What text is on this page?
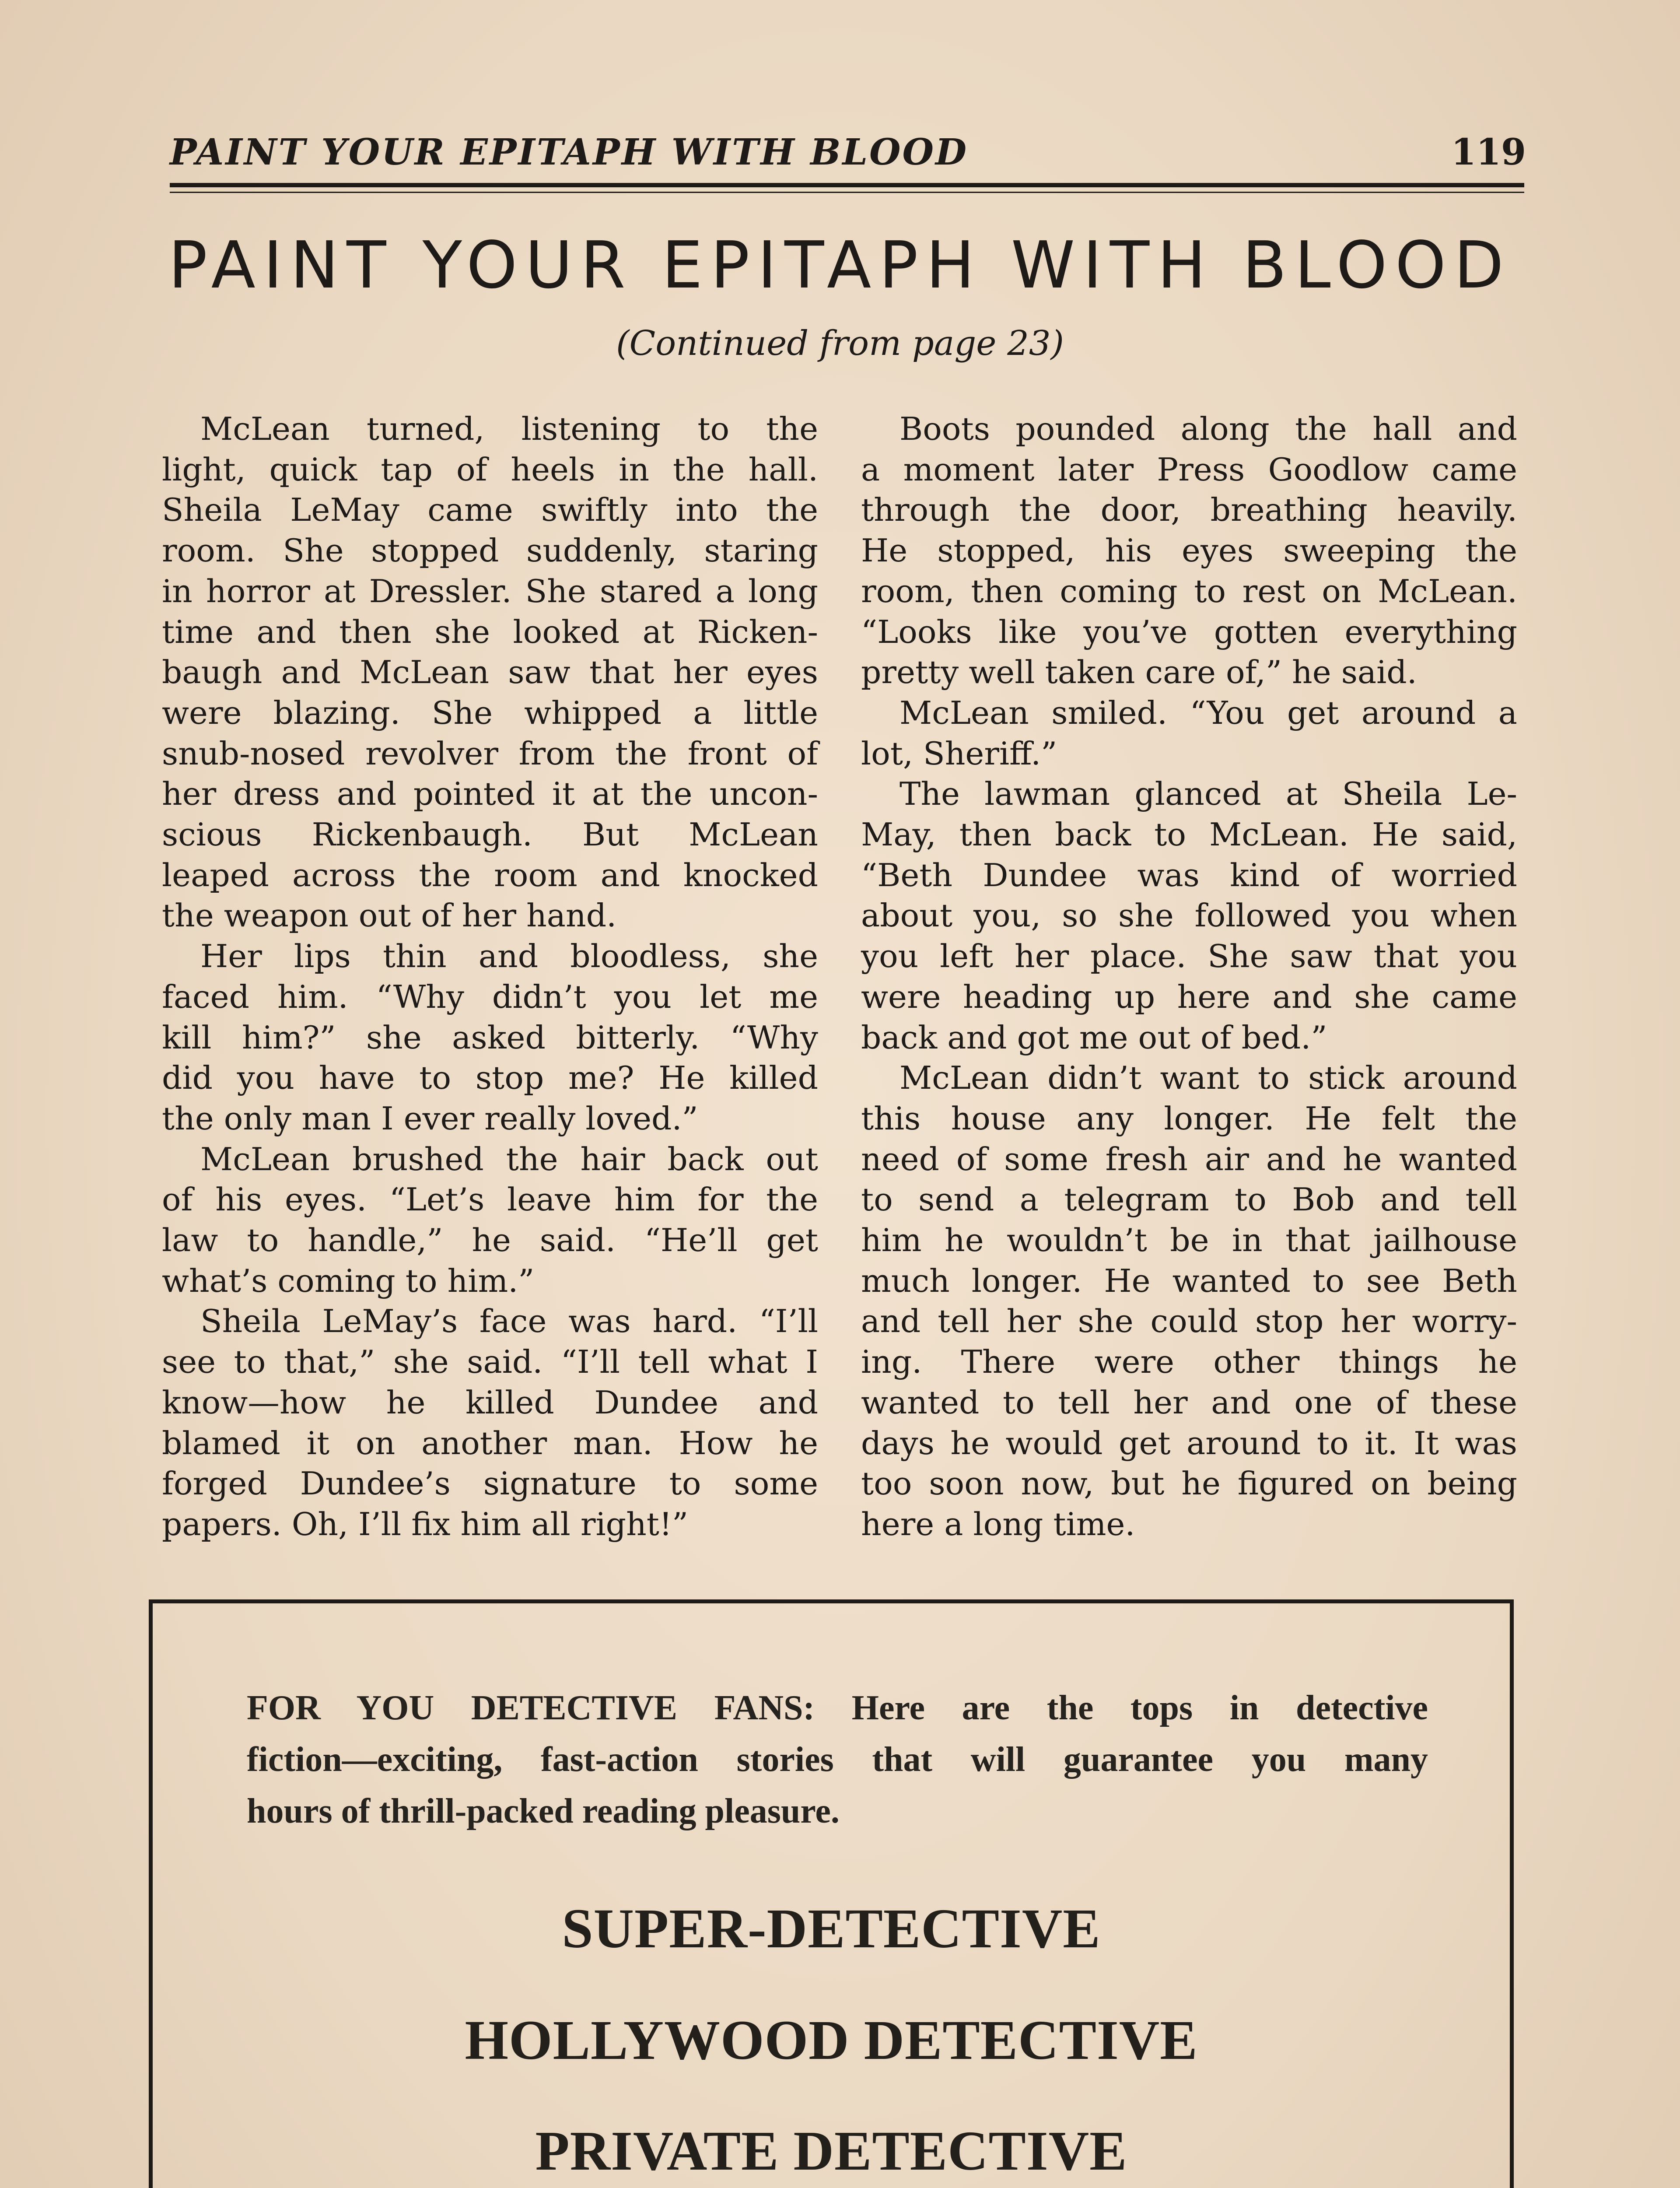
PAINT YOUR EPITAPH WITH BLOOD	119
PAINT YOUR EPITAPH WITH BLOOD
(Continued from page 23)
McLean turned, listening to the
light, quick tap of heels in the hall.
Sheila LeMay came swiftly into the
room. She stopped suddenly, staring
in horror at Dressler. She stared a long
time and then she looked at Ricken-
baugh and McLean saw that her eyes
were blazing. She whipped a little
snub-nosed revolver from the front of
her dress and pointed it at the uncon-
scious Rickenbaugh. But McLean
leaped across the room and knocked
the weapon out of her hand.
Her lips thin and bloodless, she
faced him. “Why didn’t you let me
kill him?” she asked bitterly. “Why
did you have to stop me? He killed
the only man I ever really loved.”
McLean brushed the hair back out
of his eyes. “Let’s leave him for the
law to handle,” he said. “He’ll get
what’s coming to him.”
Sheila LeMay’s face was hard. “I’ll
see to that,” she said. “I’ll tell what I
know—how he killed Dundee and
blamed it on another man. How he
forged Dundee’s signature to some
papers. Oh, I’ll fix him all right!”
Boots pounded along the hall and
a moment later Press Goodlow came
through the door, breathing heavily.
He stopped, his eyes sweeping the
room, then coming to rest on McLean.
“Looks like you’ve gotten everything
pretty well taken care of,” he said.
McLean smiled. “You get around a
lot, Sheriff.”
The lawman glanced at Sheila Le-
May, then back to McLean. He said,
“Beth Dundee was kind of worried
about you, so she followed you when
you left her place. She saw that you
were heading up here and she came
back and got me out of bed.”
McLean didn’t want to stick around
this house any longer. He felt the
need of some fresh air and he wanted
to send a telegram to Bob and tell
him he wouldn’t be in that jailhouse
much longer. He wanted to see Beth
and tell her she could stop her worry-
ing. There were other things he
wanted to tell her and one of these
days he would get around to it. It was
too soon now, but he figured on being
here a long time.
FOR YOU DETECTIVE FANS: Here are the tops in detective
fiction—exciting, fast-action stories that will guarantee you many
hours of thrill-packed reading pleasure.
SUPER-DETECTIVE
HOLLYWOOD DETECTIVE
PRIVATE DETECTIVE
